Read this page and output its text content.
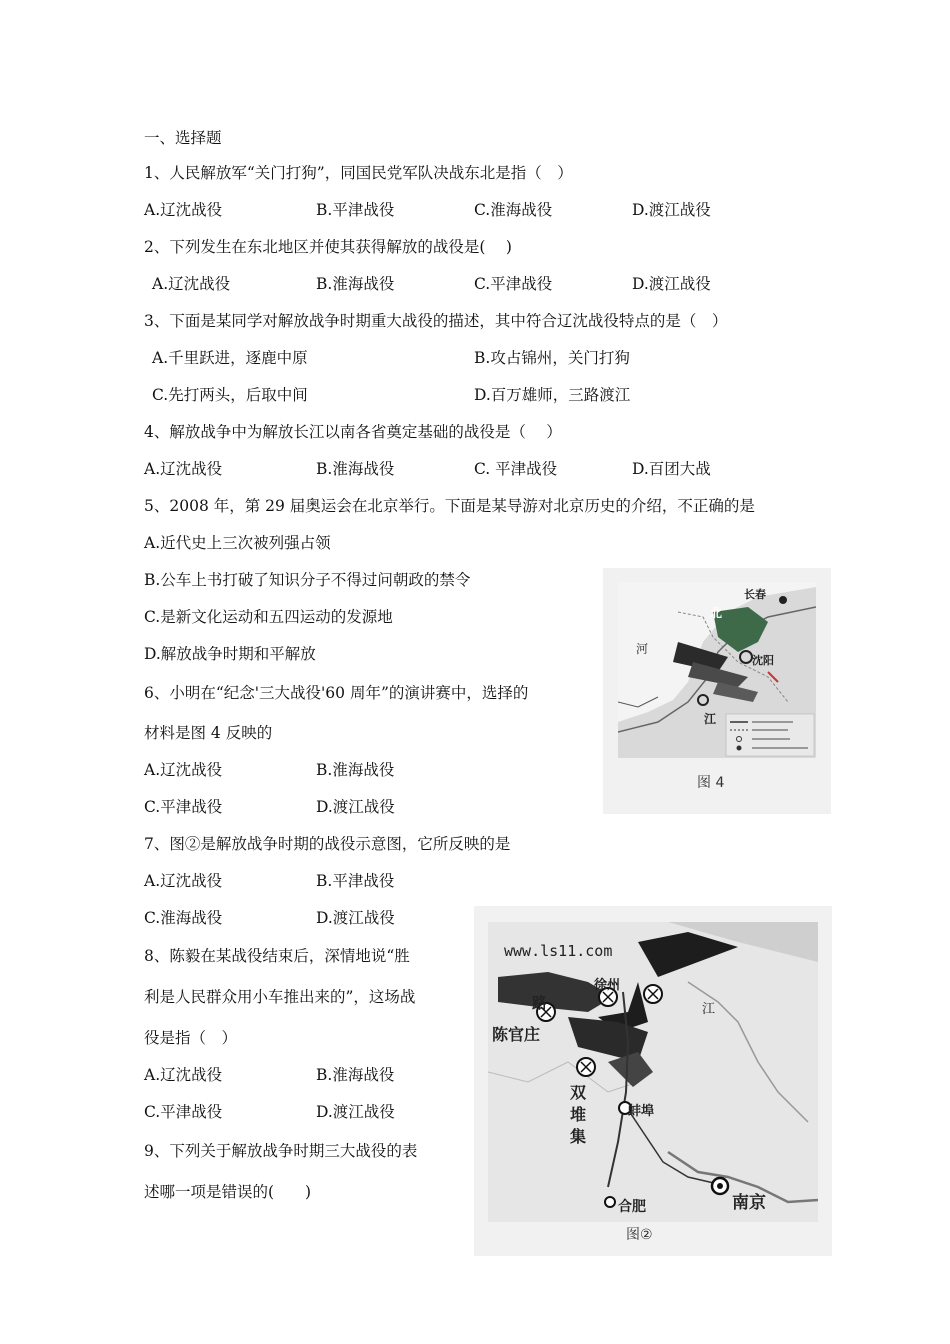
一、选择题
1、人民解放军“关门打狗”，同国民党军队决战东北是指（　）
A.辽沈战役	B.平津战役	C.淮海战役	D.渡江战役
2、下列发生在东北地区并使其获得解放的战役是(　 )
A.辽沈战役	B.淮海战役	C.平津战役	D.渡江战役
3、下面是某同学对解放战争时期重大战役的描述，其中符合辽沈战役特点的是（　）
A.千里跃进，逐鹿中原	B.攻占锦州，关门打狗
C.先打两头，后取中间	D.百万雄师，三路渡江
4、解放战争中为解放长江以南各省奠定基础的战役是（　 ）
A.辽沈战役	B.淮海战役	C. 平津战役	D.百团大战
5、2008 年，第 29 届奥运会在北京举行。下面是某导游对北京历史的介绍，不正确的是
A.近代史上三次被列强占领
B.公车上书打破了知识分子不得过问朝政的禁令
C.是新文化运动和五四运动的发源地
D.解放战争时期和平解放
6、小明在“纪念'三大战役'60 周年”的演讲赛中，选择的
材料是图 4 反映的
A.辽沈战役	B.淮海战役
C.平津战役	D.渡江战役
7、图②是解放战争时期的战役示意图，它所反映的是
A.辽沈战役	B.平津战役
C.淮海战役	D.渡江战役
8、陈毅在某战役结束后，深情地说“胜
利是人民群众用小车推出来的”，这场战
役是指（　）
A.辽沈战役	B.淮海战役
C.平津战役	D.渡江战役
9、下列关于解放战争时期三大战役的表
述哪一项是错误的(　　)
长春
北
河
沈阳
江
图 4
www.ls11.com
徐州
陈官庄
双堆集
蚌埠
合肥	南京
路	江
图②
